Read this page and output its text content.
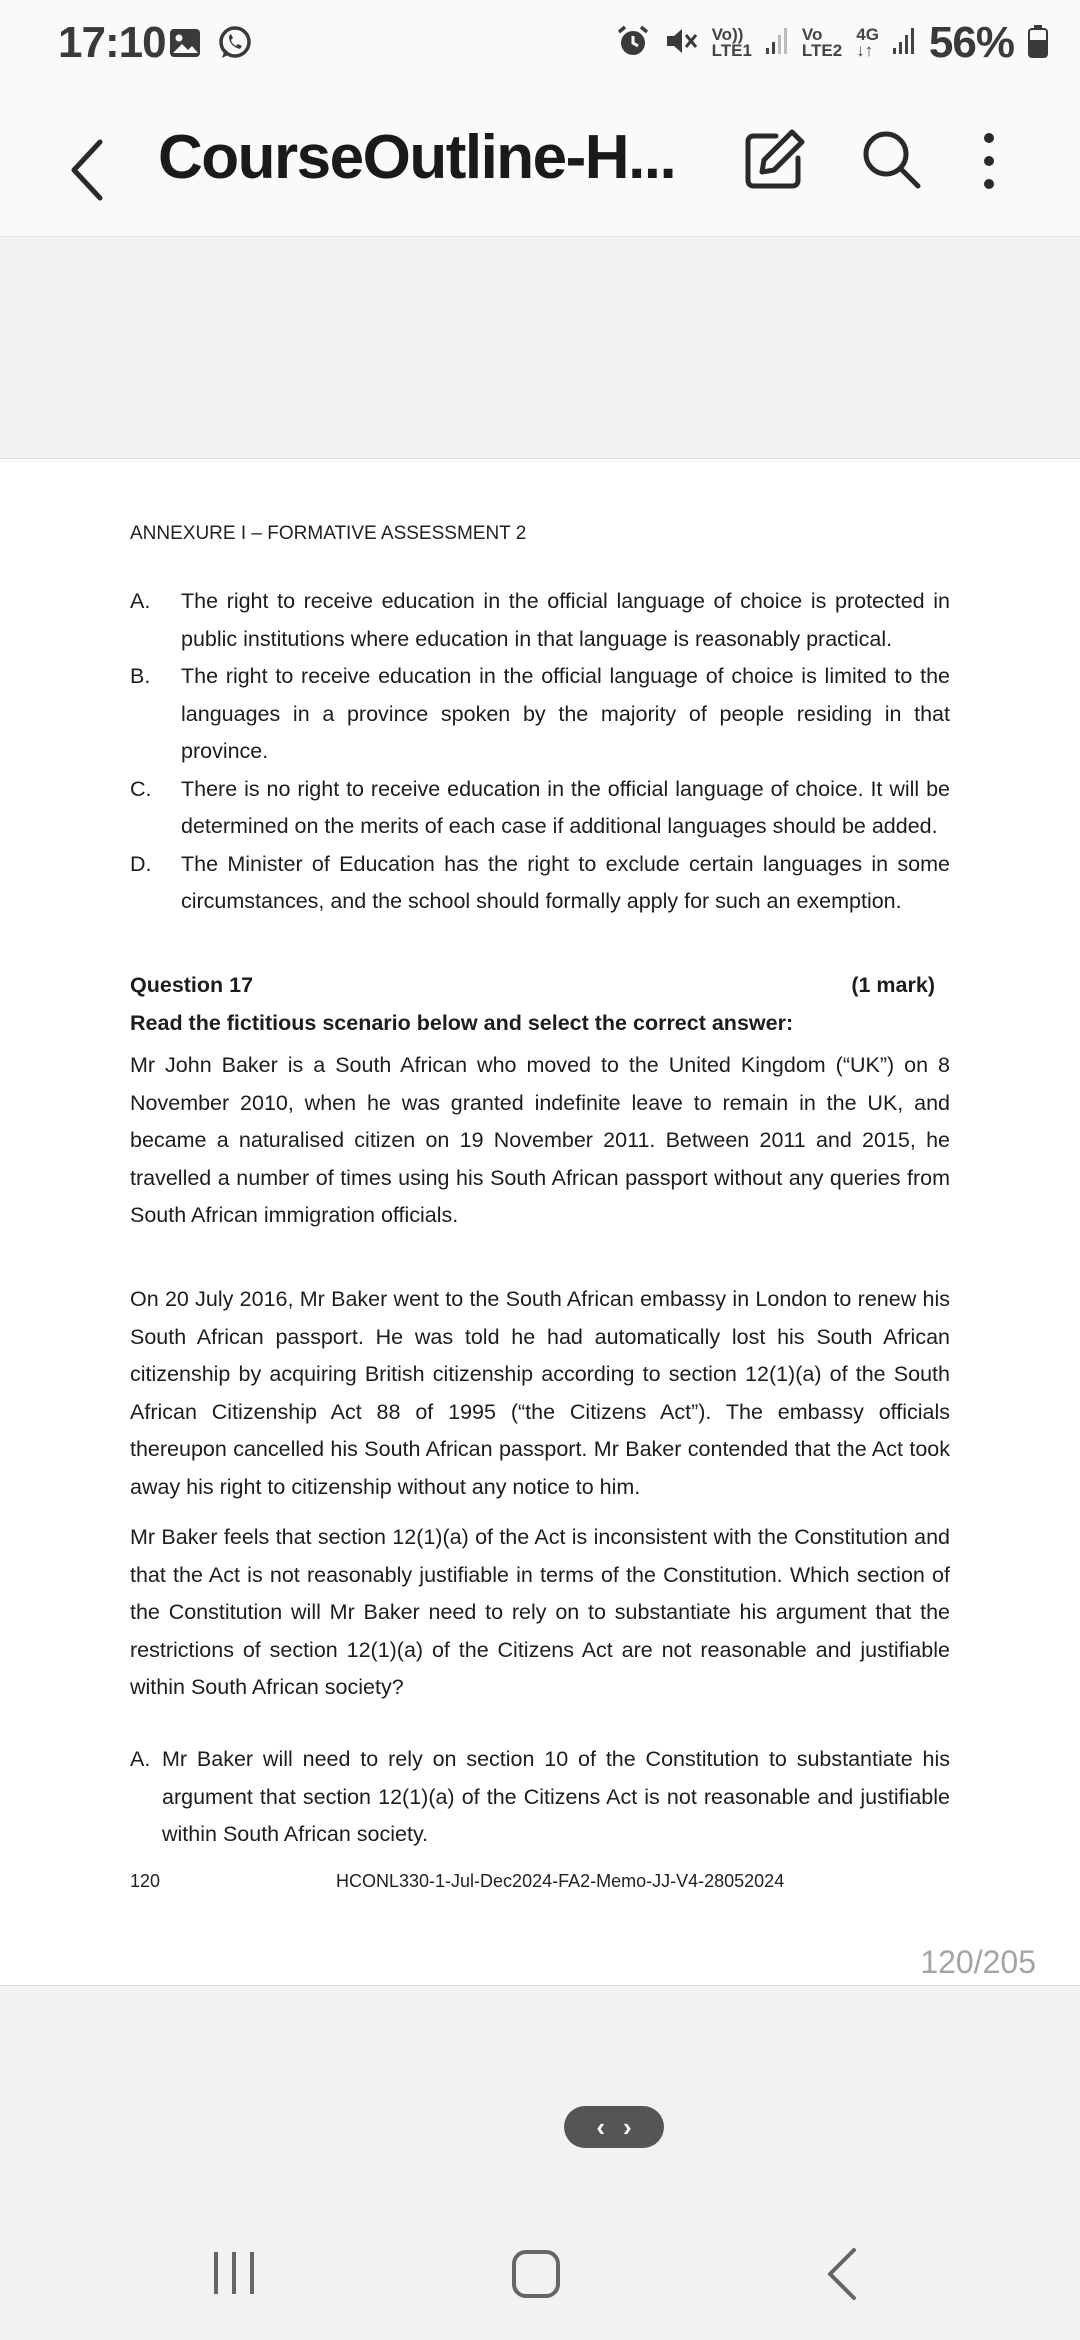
17:10	Vo))
LTE1
Vo
LTE2
4G
↓↑ 56%
CourseOutline-H...
ANNEXURE I – FORMATIVE ASSESSMENT 2
A.	The right to receive education in the official language of choice is protected in public institutions where education in that language is reasonably practical.
B.	The right to receive education in the official language of choice is limited to the languages in a province spoken by the majority of people residing in that province.
C.	There is no right to receive education in the official language of choice. It will be determined on the merits of each case if additional languages should be added.
D.	The Minister of Education has the right to exclude certain languages in some circumstances, and the school should formally apply for such an exemption.
Question 17	(1 mark)
Read the fictitious scenario below and select the correct answer:
Mr John Baker is a South African who moved to the United Kingdom (“UK”) on 8 November 2010, when he was granted indefinite leave to remain in the UK, and became a naturalised citizen on 19 November 2011. Between 2011 and 2015, he travelled a number of times using his South African passport without any queries from South African immigration officials.
On 20 July 2016, Mr Baker went to the South African embassy in London to renew his South African passport. He was told he had automatically lost his South African citizenship by acquiring British citizenship according to section 12(1)(a) of the South African Citizenship Act 88 of 1995 (“the Citizens Act”). The embassy officials thereupon cancelled his South African passport. Mr Baker contended that the Act took away his right to citizenship without any notice to him.
Mr Baker feels that section 12(1)(a) of the Act is inconsistent with the Constitution and that the Act is not reasonably justifiable in terms of the Constitution. Which section of the Constitution will Mr Baker need to rely on to substantiate his argument that the restrictions of section 12(1)(a) of the Citizens Act are not reasonable and justifiable within South African society?
A. Mr Baker will need to rely on section 10 of the Constitution to substantiate his argument that section 12(1)(a) of the Citizens Act is not reasonable and justifiable within South African society.
120	HCONL330-1-Jul-Dec2024-FA2-Memo-JJ-V4-28052024
120/205
‹ ›
